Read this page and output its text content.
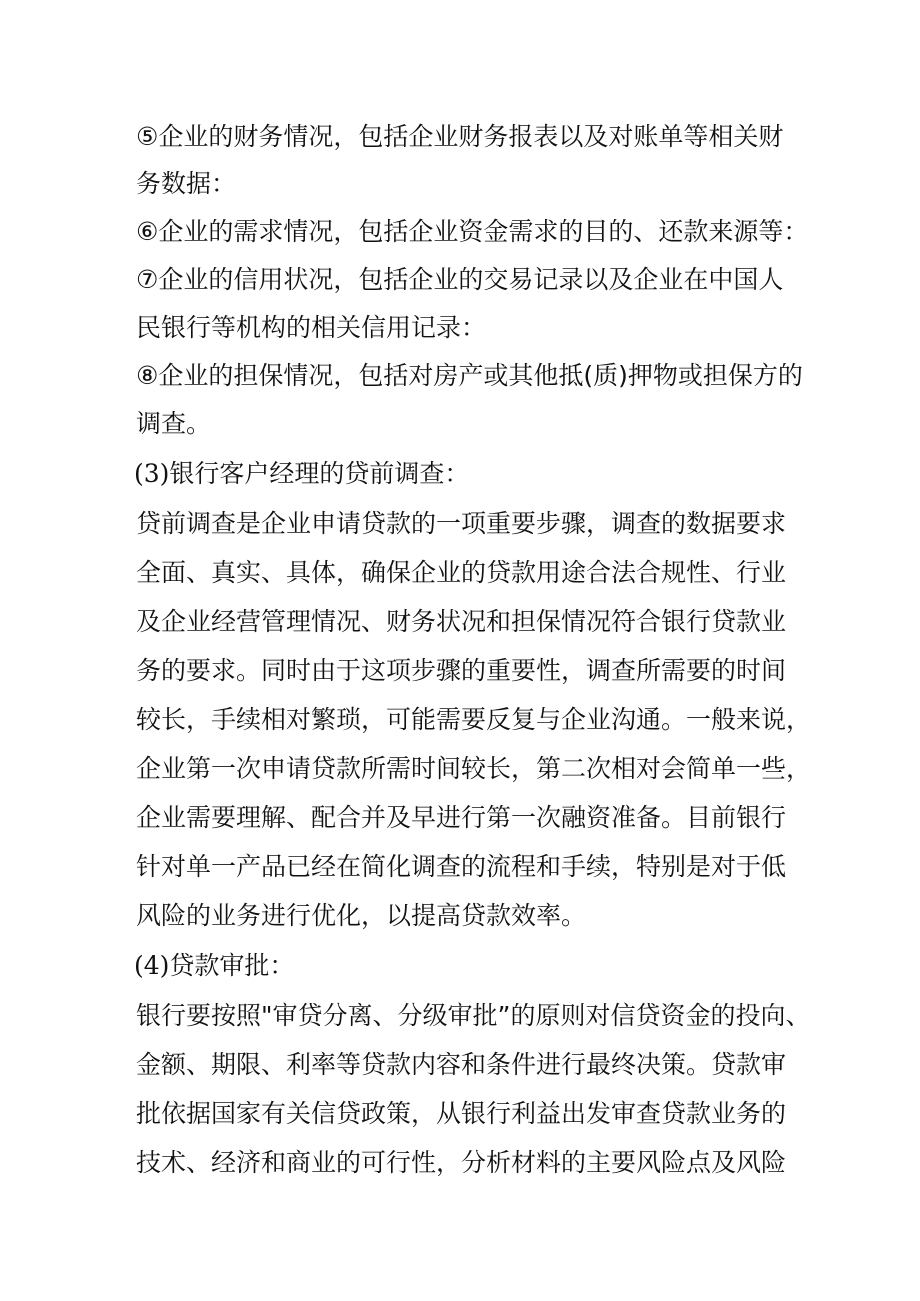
⑤企业的财务情况，包括企业财务报表以及对账单等相关财
务数据：
⑥企业的需求情况，包括企业资金需求的目的、还款来源等：
⑦企业的信用状况，包括企业的交易记录以及企业在中国人
民银行等机构的相关信用记录：
⑧企业的担保情况，包括对房产或其他抵(质)押物或担保方的
调查。
(3)银行客户经理的贷前调查：
贷前调查是企业申请贷款的一项重要步骤，调查的数据要求
全面、真实、具体，确保企业的贷款用途合法合规性、行业
及企业经营管理情况、财务状况和担保情况符合银行贷款业
务的要求。同时由于这项步骤的重要性，调查所需要的时间
较长，手续相对繁琐，可能需要反复与企业沟通。一般来说，
企业第一次申请贷款所需时间较长，第二次相对会简单一些，
企业需要理解、配合并及早进行第一次融资准备。目前银行
针对单一产品已经在简化调查的流程和手续，特别是对于低
风险的业务进行优化，以提高贷款效率。
(4)贷款审批：
银行要按照"审贷分离、分级审批”的原则对信贷资金的投向、
金额、期限、利率等贷款内容和条件进行最终决策。贷款审
批依据国家有关信贷政策，从银行利益出发审查贷款业务的
技术、经济和商业的可行性，分析材料的主要风险点及风险
